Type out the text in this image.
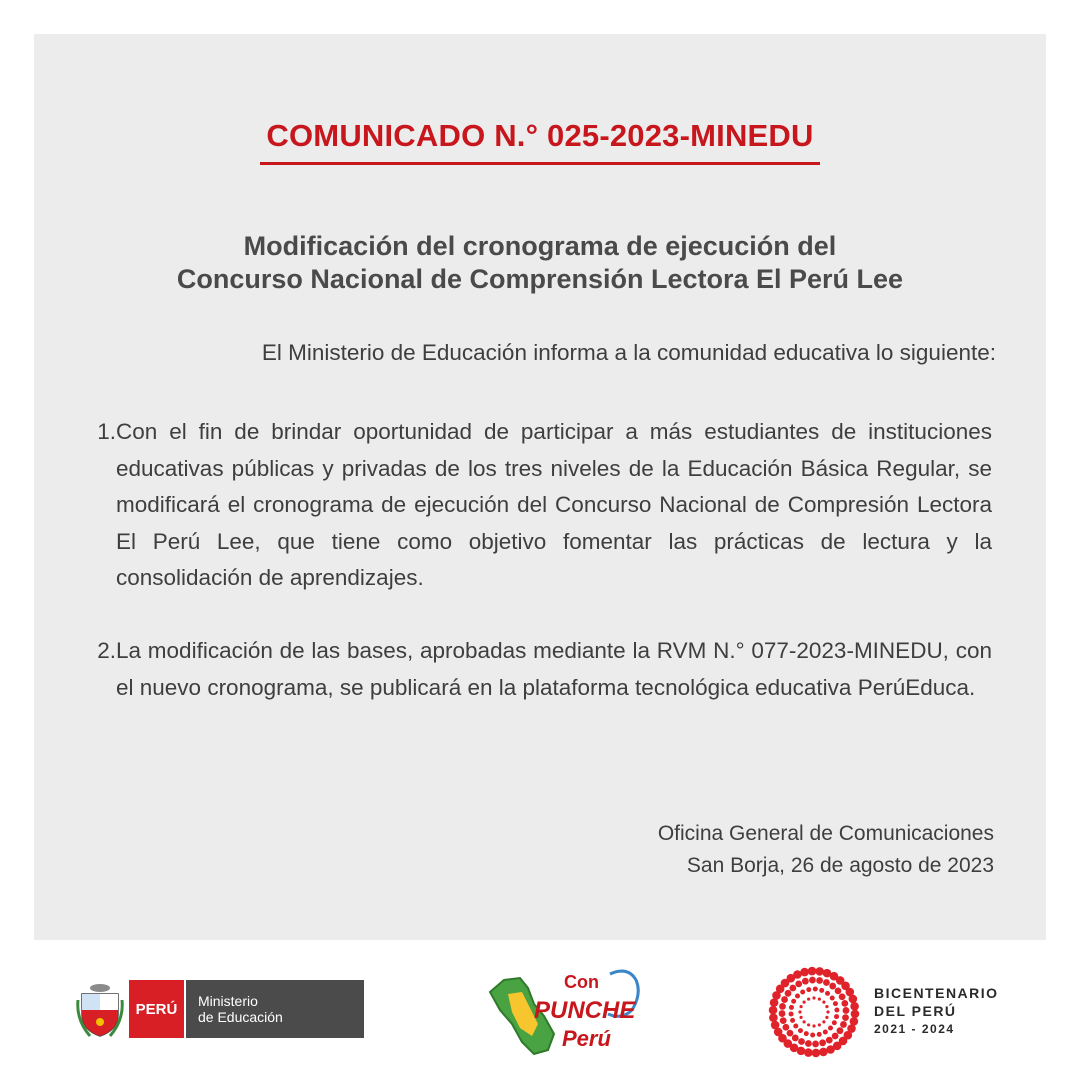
COMUNICADO N.° 025-2023-MINEDU
Modificación del cronograma de ejecución del
Concurso Nacional de Comprensión Lectora El Perú Lee
El Ministerio de Educación informa a la comunidad educativa lo siguiente:
1. Con el fin de brindar oportunidad de participar a más estudiantes de instituciones educativas públicas y privadas de los tres niveles de la Educación Básica Regular, se modificará el cronograma de ejecución del Concurso Nacional de Compresión Lectora El Perú Lee, que tiene como objetivo fomentar las prácticas de lectura y la consolidación de aprendizajes.
2. La modificación de las bases, aprobadas mediante la RVM N.° 077-2023-MINEDU, con el nuevo cronograma, se publicará en la plataforma tecnológica educativa PerúEduca.
Oficina General de Comunicaciones
San Borja, 26 de agosto de 2023
PERÚ	Ministerio
de Educación
Con
PUNCHE
Perú
BICENTENARIO
DEL PERÚ
2021 - 2024
